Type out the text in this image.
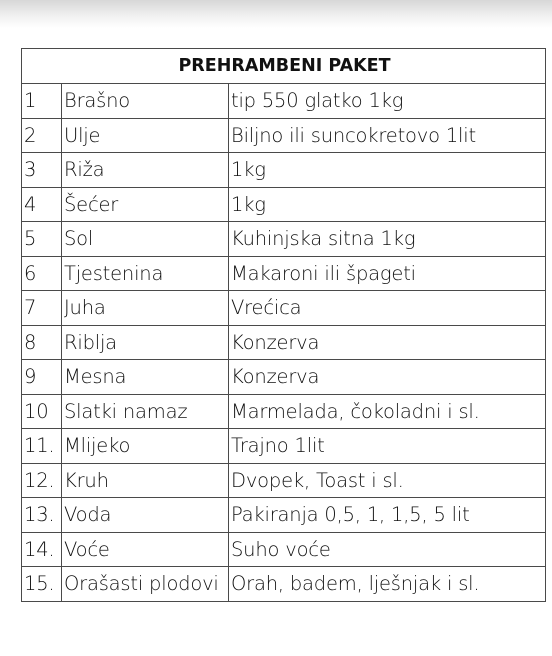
PREHRAMBENI PAKET		
1	Brašno	tip 550 glatko 1kg
2	Ulje	Biljno ili suncokretovo 1lit
3	Riža	1kg
4	Šećer	1kg
5	Sol	Kuhinjska sitna 1kg
6	Tjestenina	Makaroni ili špageti
7	Juha	Vrećica
8	Riblja	Konzerva
9	Mesna	Konzerva
10	Slatki namaz	Marmelada, čokoladni i sl.
11.	Mlijeko	Trajno 1lit
12.	Kruh	Dvopek, Toast i sl.
13.	Voda	Pakiranja 0,5, 1, 1,5, 5 lit
14.	Voće	Suho voće
15.	Orašasti plodovi	Orah, badem, lješnjak i sl.
